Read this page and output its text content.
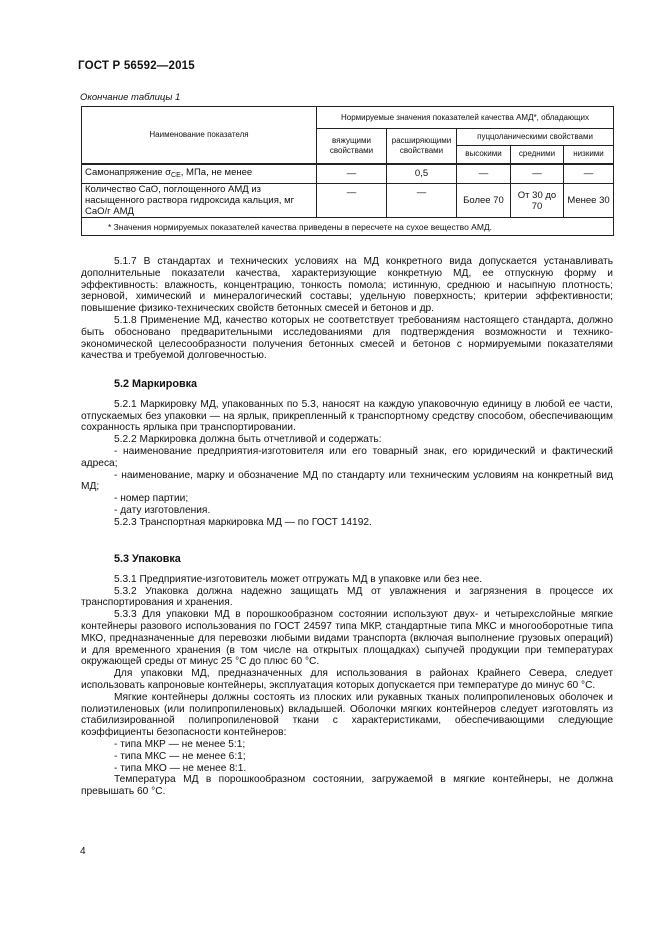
ГОСТ Р 56592—2015
Окончание таблицы 1
Наименование показателя	Нормируемые значения показателей качества АМД*, обладающих				
	вяжущими свойствами	расширяющими свойствами	пуццоланическими свойствами		
			высокими	средними	низкими
Самонапряжение $\sigma_{CE}$, МПа, не менее	—	0,5	—	—	—
Количество CaO, поглощенного АМД из насыщенного раствора гидроксида кальция, мг CaO/г АМД	—	—	Более 70	От 30 до 70	Менее 30
* Значения нормируемых показателей качества приведены в пересчете на сухое вещество АМД.					

5.1.7 В стандартах и технических условиях на МД конкретного вида допускается устанавливать дополнительные показатели качества, характеризующие конкретную МД, ее отпускную форму и эффективность: влажность, концентрацию, тонкость помола; истинную, среднюю и насыпную плотность; зерновой, химический и минералогический составы; удельную поверхность; критерии эффективности; повышение физико-технических свойств бетонных смесей и бетонов и др.

5.1.8 Применение МД, качество которых не соответствует требованиям настоящего стандарта, должно быть обосновано предварительными исследованиями для подтверждения возможности и технико-экономической целесообразности получения бетонных смесей и бетонов с нормируемыми показателями качества и требуемой долговечностью.

5.2 Маркировка

5.2.1 Маркировку МД, упакованных по 5.3, наносят на каждую упаковочную единицу в любой ее части, отпускаемых без упаковки — на ярлык, прикрепленный к транспортному средству способом, обеспечивающим сохранность ярлыка при транспортировании.

5.2.2 Маркировка должна быть отчетливой и содержать:

- наименование предприятия-изготовителя или его товарный знак, его юридический и фактический адреса;
- наименование, марку и обозначение МД по стандарту или техническим условиям на конкретный вид МД;
- номер партии;
- дату изготовления.

5.2.3 Транспортная маркировка МД — по ГОСТ 14192.

5.3 Упаковка

5.3.1 Предприятие-изготовитель может отгружать МД в упаковке или без нее.

5.3.2 Упаковка должна надежно защищать МД от увлажнения и загрязнения в процессе их транспортирования и хранения.

5.3.3 Для упаковки МД в порошкообразном состоянии используют двух- и четырехслойные мягкие контейнеры разового использования по ГОСТ 24597 типа МКР, стандартные типа МКС и многооборотные типа МКО, предназначенные для перевозки любыми видами транспорта (включая выполнение грузовых операций) и для временного хранения (в том числе на открытых площадках) сыпучей продукции при температурах окружающей среды от минус 25 °С до плюс 60 °С.

Для упаковки МД, предназначенных для использования в районах Крайнего Севера, следует использовать капроновые контейнеры, эксплуатация которых допускается при температуре до минус 60 °С.

Мягкие контейнеры должны состоять из плоских или рукавных тканых полипропиленовых оболочек и полиэтиленовых (или полипропиленовых) вкладышей. Оболочки мягких контейнеров следует изготовлять из стабилизированной полипропиленовой ткани с характеристиками, обеспечивающими следующие коэффициенты безопасности контейнеров:

- типа МКР — не менее 5:1;
- типа МКС — не менее 6:1;
- типа МКО — не менее 8:1.

Температура МД в порошкообразном состоянии, загружаемой в мягкие контейнеры, не должна превышать 60 °С.

4
